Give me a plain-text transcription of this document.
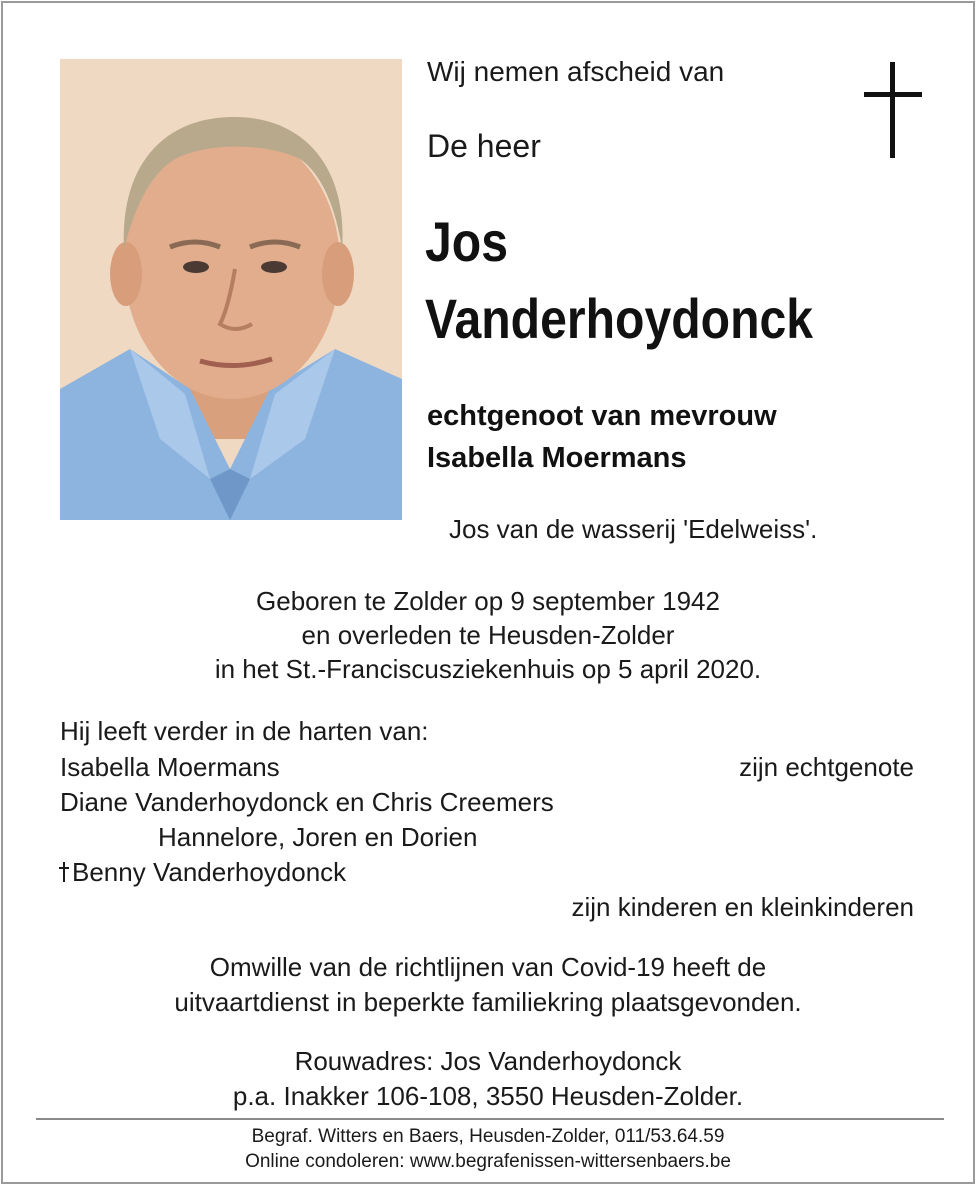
Wij nemen afscheid van
De heer
Jos
Vanderhoydonck
echtgenoot van mevrouw
Isabella Moermans
Jos van de wasserij 'Edelweiss'.
Geboren te Zolder op 9 september 1942
en overleden te Heusden-Zolder
in het St.-Franciscusziekenhuis op 5 april 2020.
Hij leeft verder in de harten van:
Isabella Moermans	zijn echtgenote
Diane Vanderhoydonck en Chris Creemers
Hannelore, Joren en Dorien
Benny Vanderhoydonck
zijn kinderen en kleinkinderen
Omwille van de richtlijnen van Covid-19 heeft de
uitvaartdienst in beperkte familiekring plaatsgevonden.
Rouwadres: Jos Vanderhoydonck
p.a. Inakker 106-108, 3550 Heusden-Zolder.
Begraf. Witters en Baers, Heusden-Zolder, 011/53.64.59
Online condoleren: www.begrafenissen-wittersenbaers.be
